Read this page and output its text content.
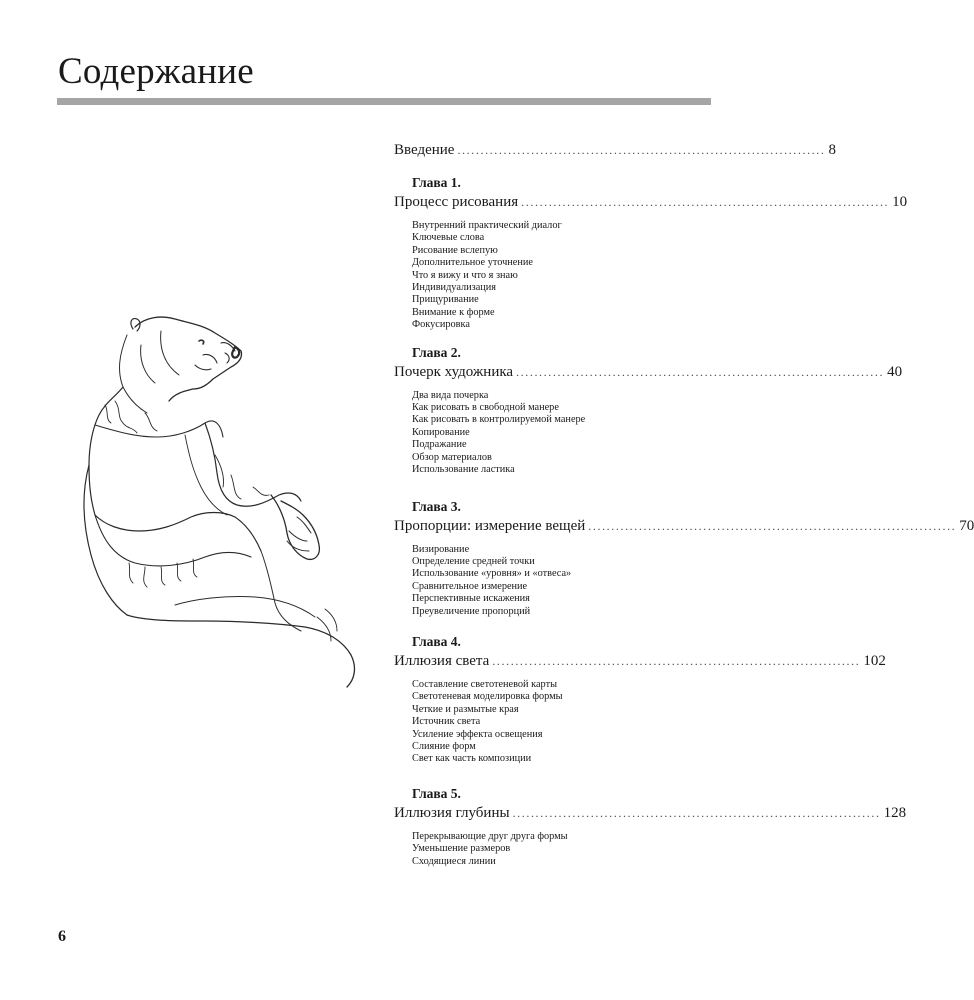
Содержание
Введение ................................................................................ 8
Глава 1.
Процесс рисования ................................................................................ 10
Внутренний практический диалог
Ключевые слова
Рисование вслепую
Дополнительное уточнение
Что я вижу и что я знаю
Индивидуализация
Прищуривание
Внимание к форме
Фокусировка
Глава 2.
Почерк художника ................................................................................ 40
Два вида почерка
Как рисовать в свободной манере
Как рисовать в контролируемой манере
Копирование
Подражание
Обзор материалов
Использование ластика
Глава 3.
Пропорции: измерение вещей ................................................................................ 70
Визирование
Определение средней точки
Использование «уровня» и «отвеса»
Сравнительное измерение
Перспективные искажения
Преувеличение пропорций
Глава 4.
Иллюзия света ................................................................................ 102
Составление светотеневой карты
Светотеневая моделировка формы
Четкие и размытые края
Источник света
Усиление эффекта освещения
Слияние форм
Свет как часть композиции
Глава 5.
Иллюзия глубины ................................................................................ 128
Перекрывающие друг друга формы
Уменьшение размеров
Сходящиеся линии
6
